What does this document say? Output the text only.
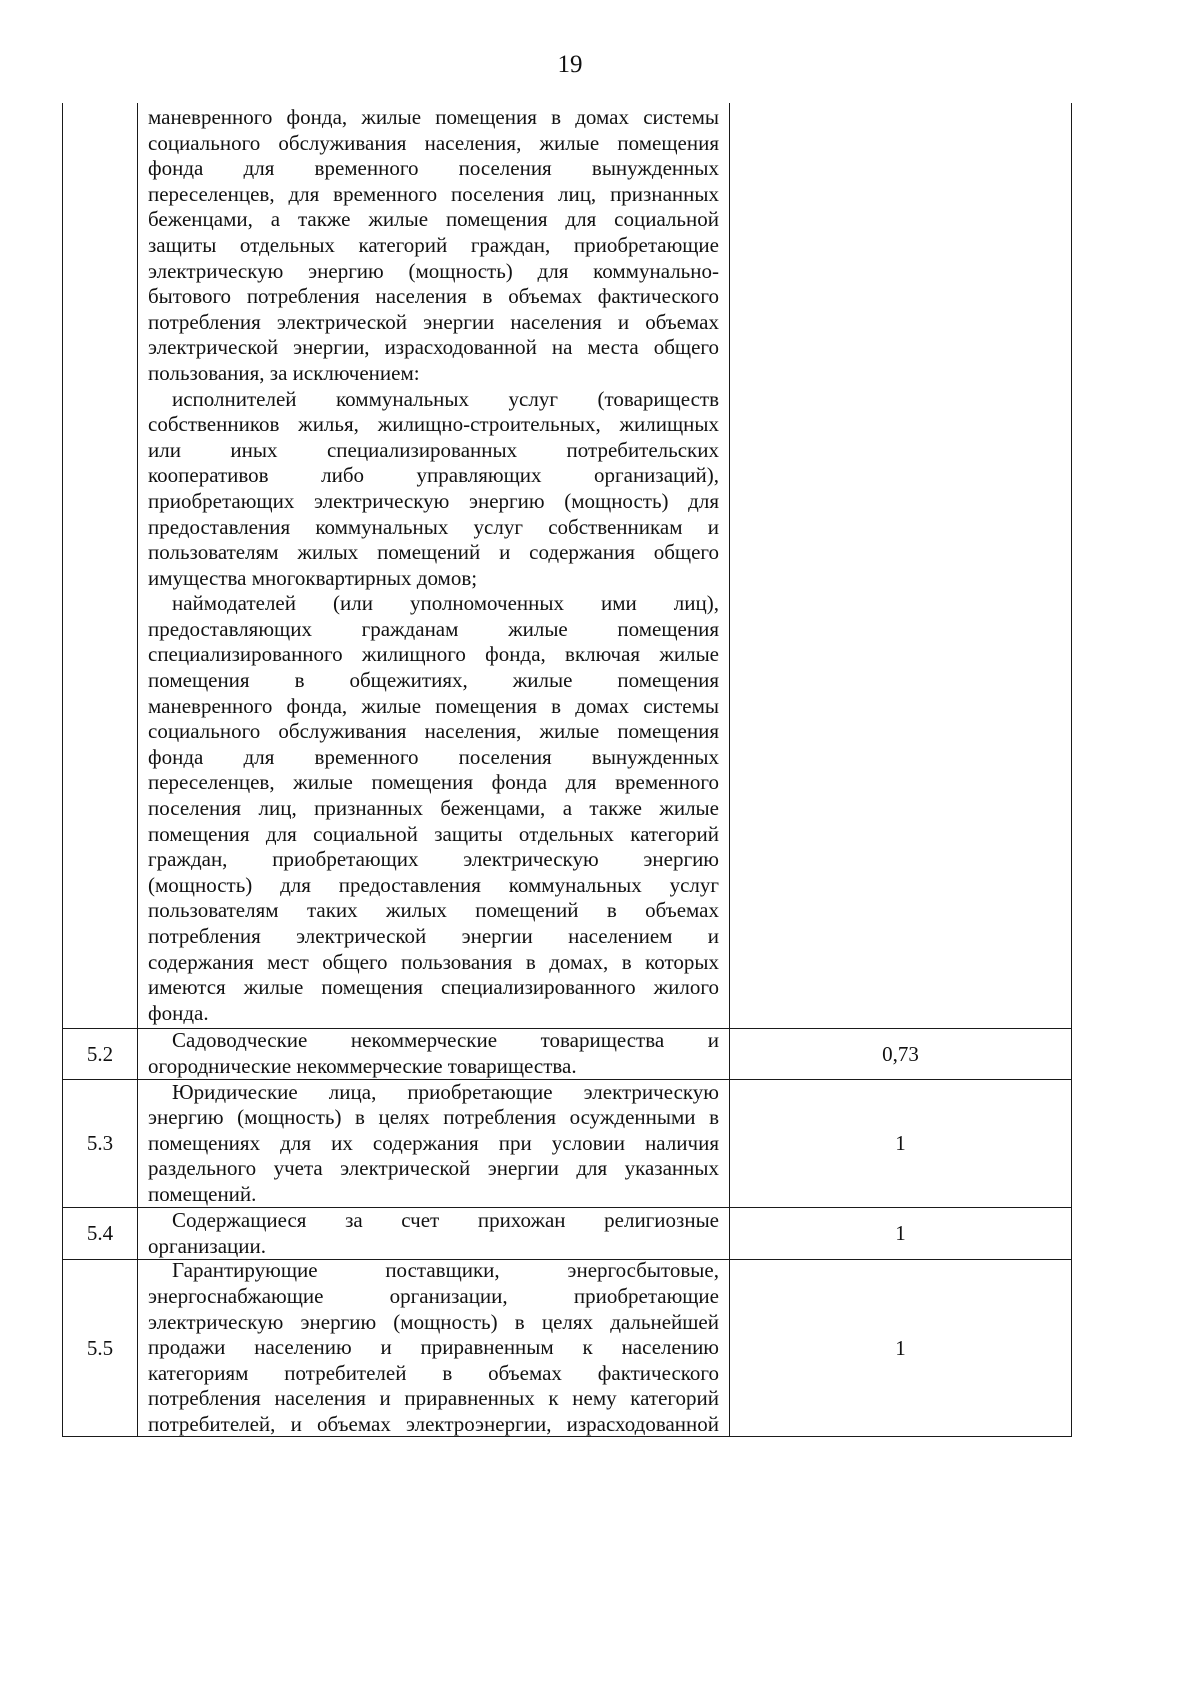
19
маневренного фонда, жилые помещения в домах системы
социального обслуживания населения, жилые помещения
фонда для временного поселения вынужденных
переселенцев, для временного поселения лиц, признанных
беженцами, а также жилые помещения для социальной
защиты отдельных категорий граждан, приобретающие
электрическую энергию (мощность) для коммунально-
бытового потребления населения в объемах фактического
потребления электрической энергии населения и объемах
электрической энергии, израсходованной на места общего
пользования, за исключением:
исполнителей коммунальных услуг (товариществ
собственников жилья, жилищно-строительных, жилищных
или иных специализированных потребительских
кооперативов либо управляющих организаций),
приобретающих электрическую энергию (мощность) для
предоставления коммунальных услуг собственникам и
пользователям жилых помещений и содержания общего
имущества многоквартирных домов;
наймодателей (или уполномоченных ими лиц),
предоставляющих гражданам жилые помещения
специализированного жилищного фонда, включая жилые
помещения в общежитиях, жилые помещения
маневренного фонда, жилые помещения в домах системы
социального обслуживания населения, жилые помещения
фонда для временного поселения вынужденных
переселенцев, жилые помещения фонда для временного
поселения лиц, признанных беженцами, а также жилые
помещения для социальной защиты отдельных категорий
граждан, приобретающих электрическую энергию
(мощность) для предоставления коммунальных услуг
пользователям таких жилых помещений в объемах
потребления электрической энергии населением и
содержания мест общего пользования в домах, в которых
имеются жилые помещения специализированного жилого
фонда.
5.2
Садоводческие некоммерческие товарищества и
огороднические некоммерческие товарищества.
0,73
5.3
Юридические лица, приобретающие электрическую
энергию (мощность) в целях потребления осужденными в
помещениях для их содержания при условии наличия
раздельного учета электрической энергии для указанных
помещений.
1
5.4
Содержащиеся за счет прихожан религиозные
организации.
1
5.5
Гарантирующие поставщики, энергосбытовые,
энергоснабжающие организации, приобретающие
электрическую энергию (мощность) в целях дальнейшей
продажи населению и приравненным к населению
категориям потребителей в объемах фактического
потребления населения и приравненных к нему категорий
потребителей, и объемах электроэнергии, израсходованной
1
